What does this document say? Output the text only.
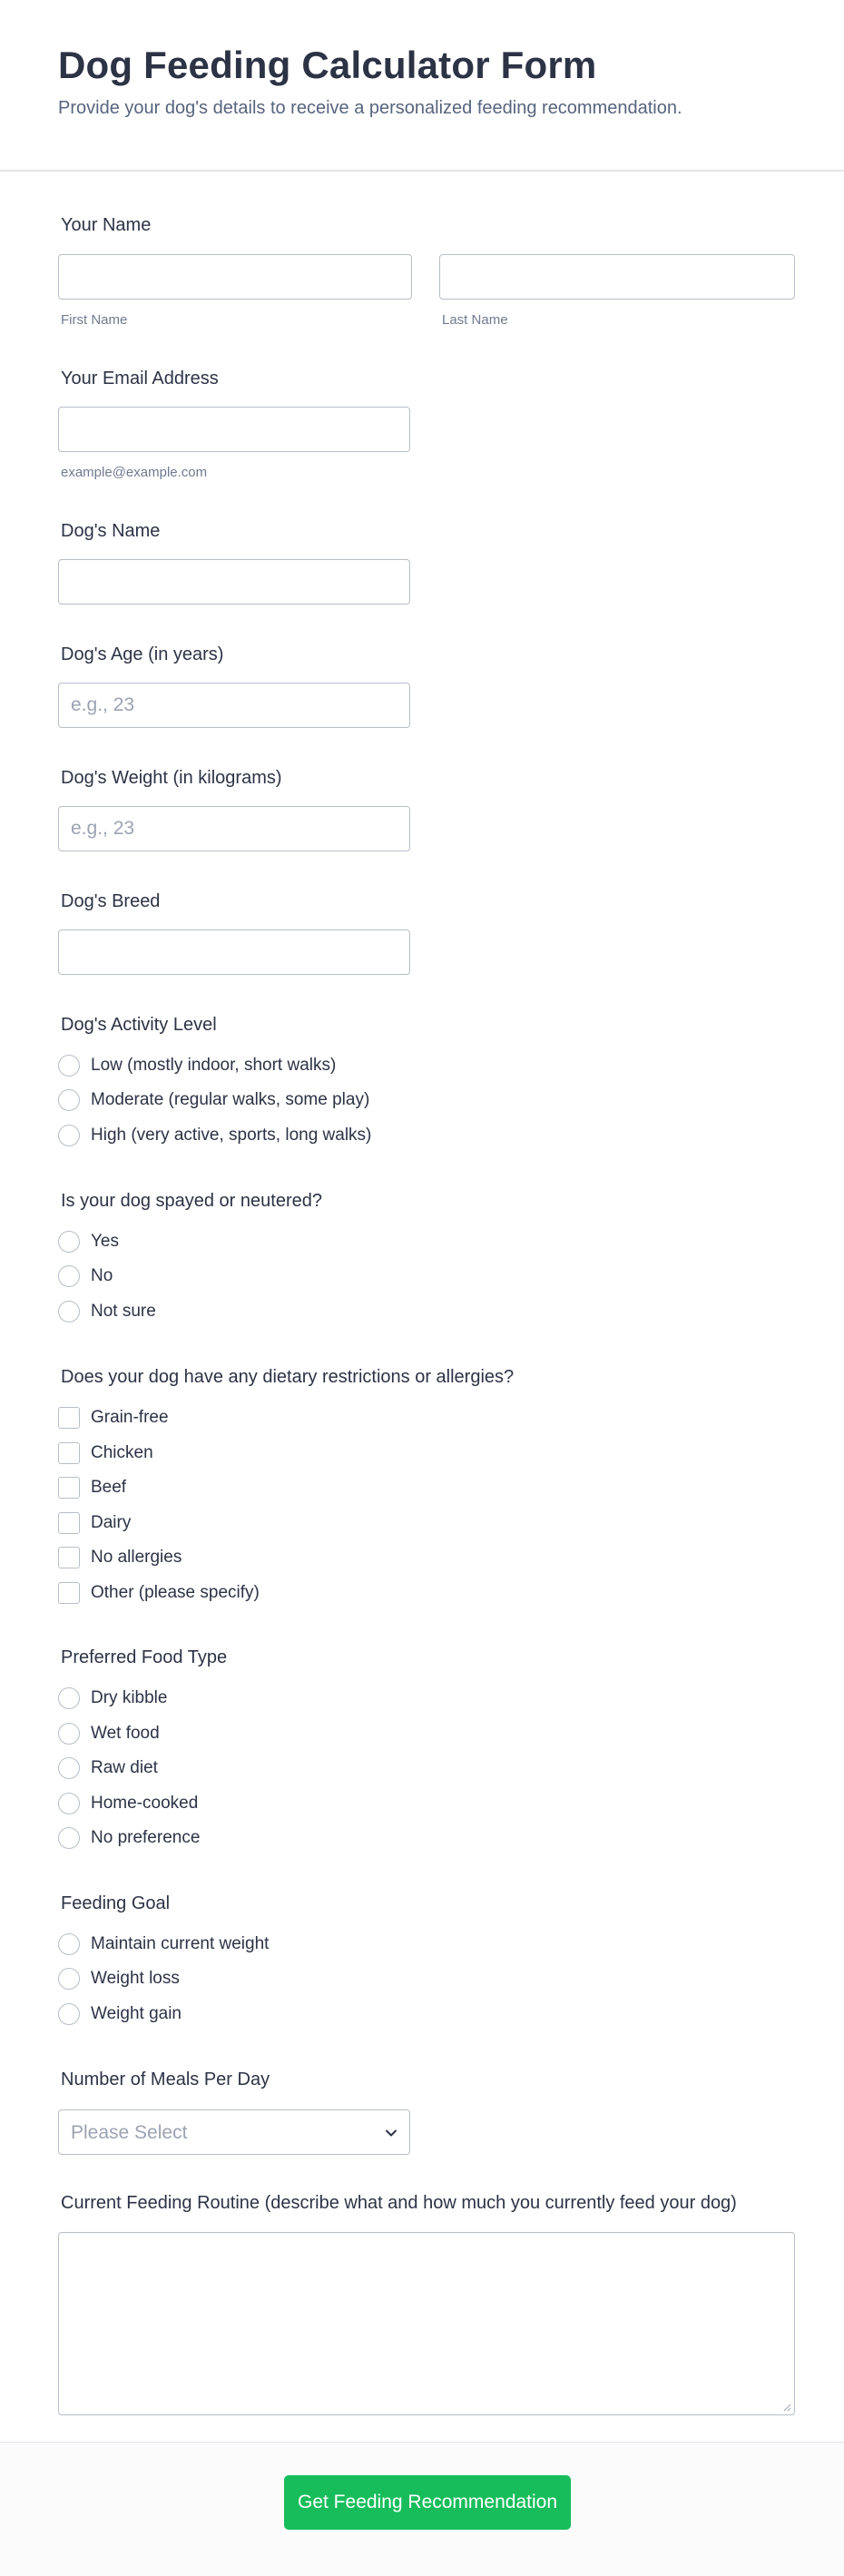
Dog Feeding Calculator Form

Provide your dog's details to receive a personalized feeding recommendation.

Your Name
First Name	Last Name
Your Email Address
example@example.com
Dog's Name
Dog's Age (in years)
e.g., 23
Dog's Weight (in kilograms)
e.g., 23
Dog's Breed
Dog's Activity Level
Low (mostly indoor, short walks)
Moderate (regular walks, some play)
High (very active, sports, long walks)
Is your dog spayed or neutered?
Yes
No
Not sure
Does your dog have any dietary restrictions or allergies?
Grain-free
Chicken
Beef
Dairy
No allergies
Other (please specify)
Preferred Food Type
Dry kibble
Wet food
Raw diet
Home-cooked
No preference
Feeding Goal
Maintain current weight
Weight loss
Weight gain
Number of Meals Per Day
Please Select
Current Feeding Routine (describe what and how much you currently feed your dog)
Get Feeding Recommendation
